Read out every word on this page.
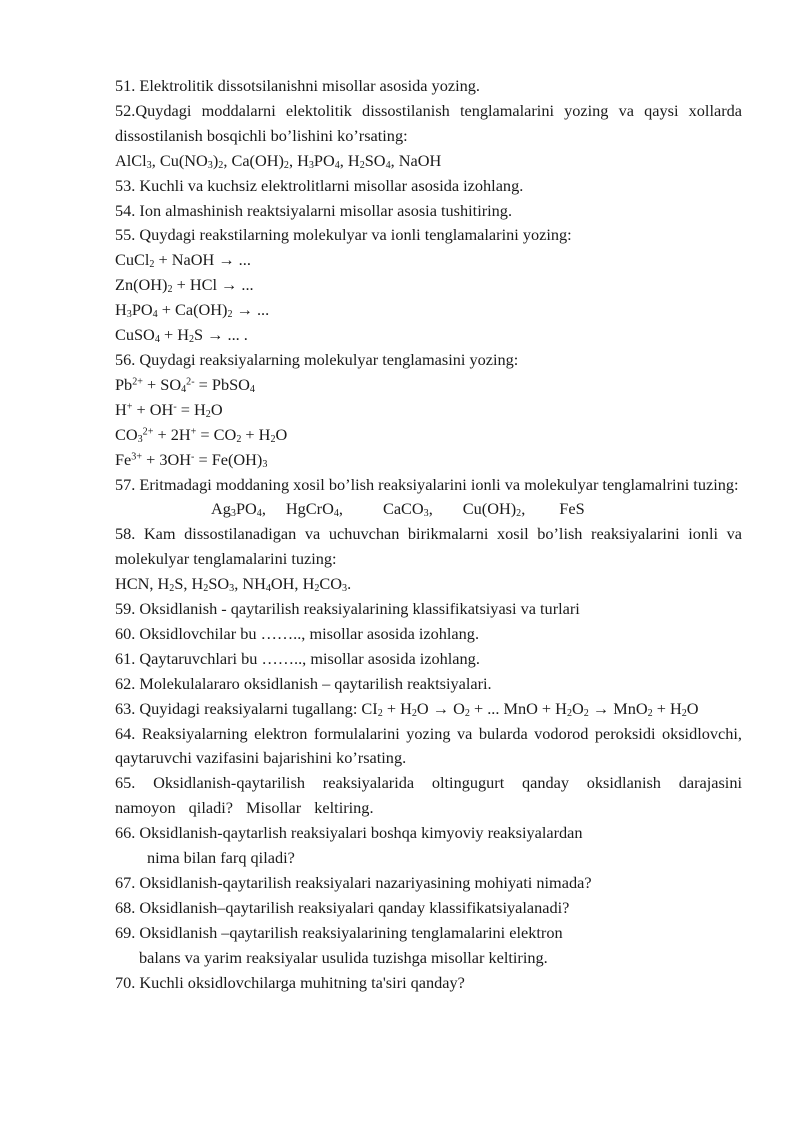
51. Elektrolitik dissotsilanishni misollar asosida yozing.
52.Quydagi moddalarni elektolitik dissostilanish tenglamalarini yozing va qaysi xollarda dissostilanish bosqichli bo’lishini ko’rsating:
AlCl$_3$, $Cu(NO_3)_2$, $Ca(OH)_2$, $H_3PO_4$, $H_2SO_4$, NaOH
53. Kuchli va kuchsiz elektrolitlarni misollar asosida izohlang.
54. Ion almashinish reaktsiyalarni misollar asosia tushitiring.
55. Quydagi reakstilarning molekulyar va ionli tenglamalarini yozing:
CuCl$_2$ + NaOH → ...
$Zn(OH)_2$ + HCl → ...
$H_3PO_4 + Ca(OH)_2$ → ...
CuSO$_4$ + $H_2S$ → ... .
56. Quydagi reaksiyalarning molekulyar tenglamasini yozing:
$Pb^{2+} + SO_4^{2-}$ = PbSO$_4$
$H^+ + OH^- = H_2O$
$CO_3^{2+} + 2H^+ = CO_2 + H_2O$
$Fe^{3+} + 3OH^- = Fe(OH)_3$
57. Eritmadagi moddaning xosil bo’lish reaksiyalarini ionli va molekulyar tenglamalrini tuzing:
$Ag_3PO_4$, HgCrO$_4$, CaCO$_3$, $Cu(OH)_2$, FeS
58. Kam dissostilanadigan va uchuvchan birikmalarni xosil bo’lish reaksiyalarini ionli va molekulyar tenglamalarini tuzing:
HCN, $H_2S$, $H_2SO_3$, $NH_4OH$, $H_2CO_3$.
59. Oksidlanish - qaytarilish reaksiyalarining klassifikatsiyasi va turlari
60. Oksidlovchilar bu …….., misollar asosida izohlang.
61. Qaytaruvchlari bu …….., misollar asosida izohlang.
62. Molekulalararo oksidlanish – qaytarilish reaktsiyalari.
63. Quyidagi reaksiyalarni tugallang: $CI_2 + H_2O \to O_2$ + ... MnO + $H_2O_2 \to MnO_2 + H_2O$
64. Reaksiyalarning elektron formulalarini yozing va bularda vodorod peroksidi oksidlovchi, qaytaruvchi vazifasini bajarishini ko’rsating.
65. Oksidlanish-qaytarilish reaksiyalarida oltingugurt qanday oksidlanish darajasini namoyon qiladi? Misollar keltiring.
66. Oksidlanish-qaytarlish reaksiyalari boshqa kimyoviy reaksiyalardan
nima bilan farq qiladi?
67. Oksidlanish-qaytarilish reaksiyalari nazariyasining mohiyati nimada?
68. Oksidlanish–qaytarilish reaksiyalari qanday klassifikatsiyalanadi?
69. Oksidlanish –qaytarilish reaksiyalarining tenglamalarini elektron
balans va yarim reaksiyalar usulida tuzishga misollar keltiring.
70. Kuchli oksidlovchilarga muhitning ta'siri qanday?
